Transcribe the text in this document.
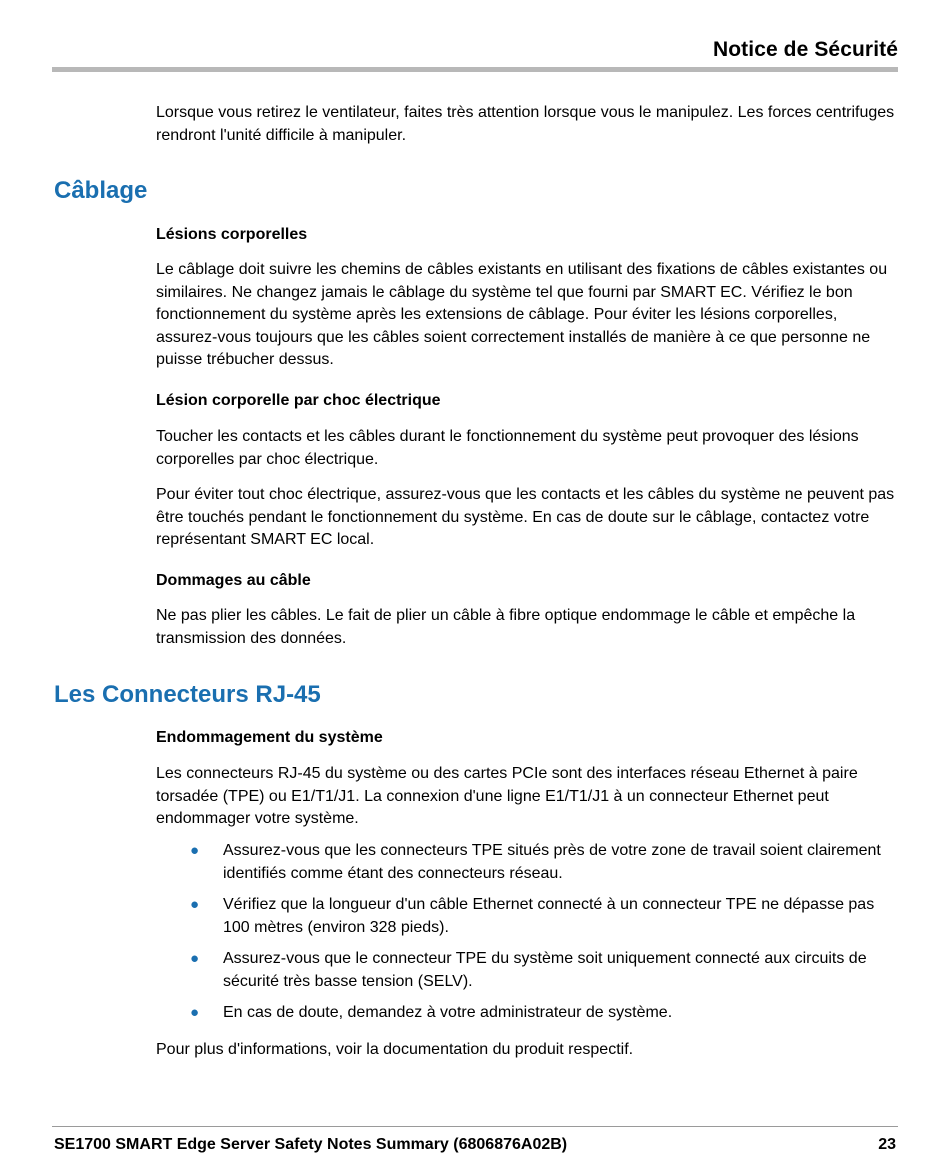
Notice de Sécurité
Lorsque vous retirez le ventilateur, faites très attention lorsque vous le manipulez. Les forces centrifuges rendront l'unité difficile à manipuler.
Câblage
Lésions corporelles

Le câblage doit suivre les chemins de câbles existants en utilisant des fixations de câbles existantes ou similaires. Ne changez jamais le câblage du système tel que fourni par SMART EC. Vérifiez le bon fonctionnement du système après les extensions de câblage. Pour éviter les lésions corporelles, assurez-vous toujours que les câbles soient correctement installés de manière à ce que personne ne puisse trébucher dessus.

Lésion corporelle par choc électrique

Toucher les contacts et les câbles durant le fonctionnement du système peut provoquer des lésions corporelles par choc électrique.

Pour éviter tout choc électrique, assurez-vous que les contacts et les câbles du système ne peuvent pas être touchés pendant le fonctionnement du système. En cas de doute sur le câblage, contactez votre représentant SMART EC local.

Dommages au câble

Ne pas plier les câbles. Le fait de plier un câble à fibre optique endommage le câble et empêche la transmission des données.

Les Connecteurs RJ-45
Endommagement du système

Les connecteurs RJ-45 du système ou des cartes PCIe sont des interfaces réseau Ethernet à paire torsadée (TPE) ou E1/T1/J1. La connexion d'une ligne E1/T1/J1 à un connecteur Ethernet peut endommager votre système.

● Assurez-vous que les connecteurs TPE situés près de votre zone de travail soient clairement identifiés comme étant des connecteurs réseau.
● Vérifiez que la longueur d'un câble Ethernet connecté à un connecteur TPE ne dépasse pas 100 mètres (environ 328 pieds).
● Assurez-vous que le connecteur TPE du système soit uniquement connecté aux circuits de sécurité très basse tension (SELV).
● En cas de doute, demandez à votre administrateur de système.

Pour plus d'informations, voir la documentation du produit respectif.

SE1700 SMART Edge Server Safety Notes Summary (6806876A02B)	23
